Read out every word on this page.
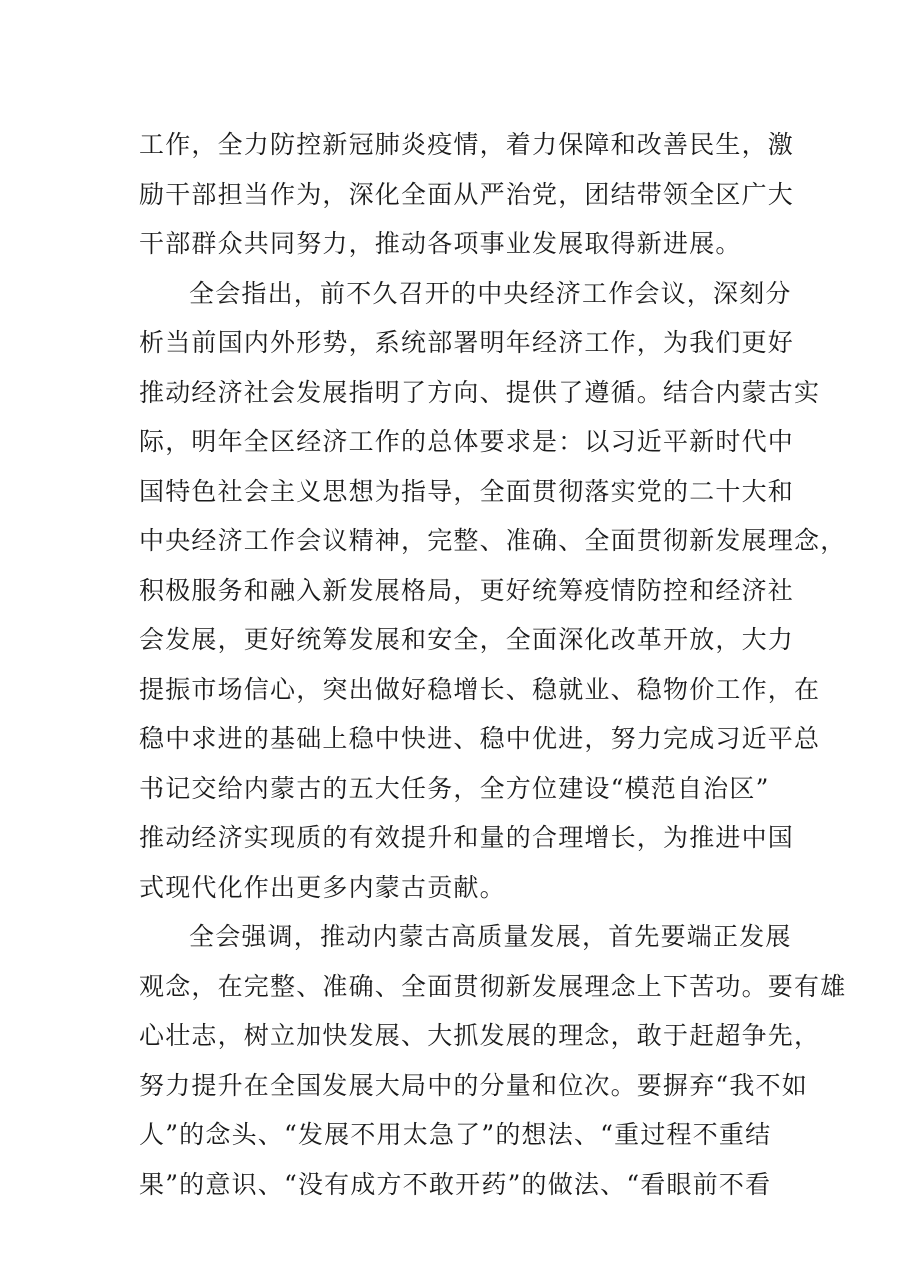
工作，全力防控新冠肺炎疫情，着力保障和改善民生，激
励干部担当作为，深化全面从严治党，团结带领全区广大
干部群众共同努力，推动各项事业发展取得新进展。
全会指出，前不久召开的中央经济工作会议，深刻分
析当前国内外形势，系统部署明年经济工作，为我们更好
推动经济社会发展指明了方向、提供了遵循。结合内蒙古实
际，明年全区经济工作的总体要求是：以习近平新时代中
国特色社会主义思想为指导，全面贯彻落实党的二十大和
中央经济工作会议精神，完整、准确、全面贯彻新发展理念，
积极服务和融入新发展格局，更好统筹疫情防控和经济社
会发展，更好统筹发展和安全，全面深化改革开放，大力
提振市场信心，突出做好稳增长、稳就业、稳物价工作，在
稳中求进的基础上稳中快进、稳中优进，努力完成习近平总
书记交给内蒙古的五大任务，全方位建设“模范自治区”
推动经济实现质的有效提升和量的合理增长，为推进中国
式现代化作出更多内蒙古贡献。
全会强调，推动内蒙古高质量发展，首先要端正发展
观念，在完整、准确、全面贯彻新发展理念上下苦功。要有雄
心壮志，树立加快发展、大抓发展的理念，敢于赶超争先，
努力提升在全国发展大局中的分量和位次。要摒弃“我不如
人”的念头、“发展不用太急了”的想法、“重过程不重结
果”的意识、“没有成方不敢开药”的做法、“看眼前不看
